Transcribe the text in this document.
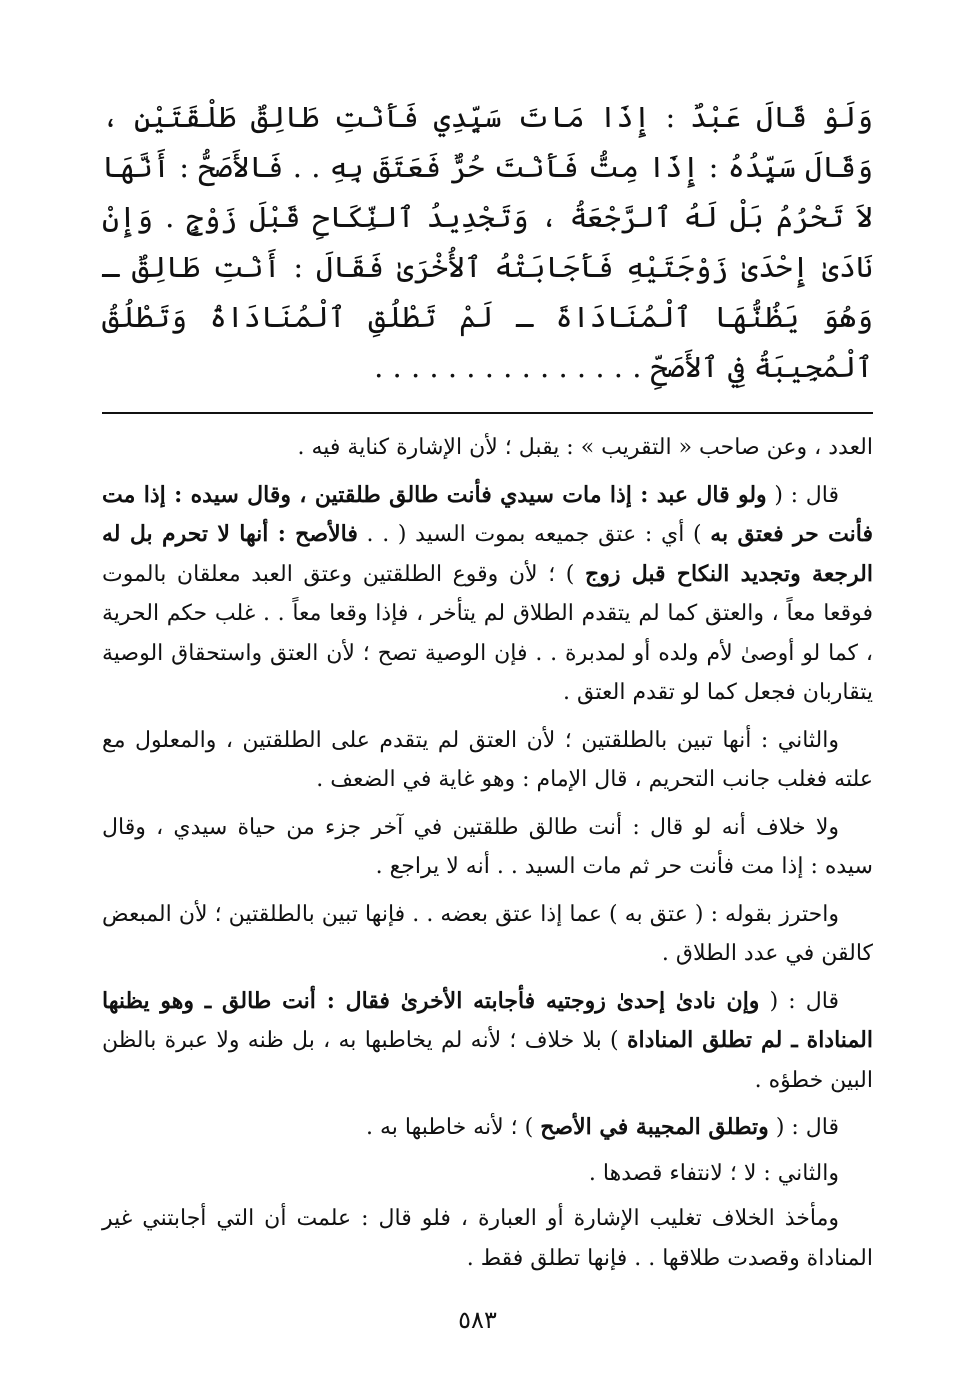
وَلَوْ قَالَ عَبْدٌ : إِذَا مَاتَ سَيِّدِي فَأَنْتِ طَالِقٌ طَلْقَتَيْنِ ، وَقَالَ سَيِّدُهُ : إِذَا مِتُّ فَأَنْتَ حُرٌّ فَعَتَقَ بِهِ . . فَالأَصَحُّ : أَنَّهَا لاَ تَحْرُمُ بَلْ لَهُ ٱلرَّجْعَةُ ، وَتَجْدِيدُ ٱلنِّكَاحِ قَبْلَ زَوْجٍ . وَإِنْ نَادَىٰ إِحْدَىٰ زَوْجَتَيْهِ فَأَجَابَتْهُ ٱلأُخْرَىٰ فَقَالَ : أَنْتِ طَالِقٌ ـ وَهُوَ يَظُنُّهَا ٱلْمُنَادَاةَ ـ لَمْ تَطْلُقِ ٱلْمُنَادَاةُ وَتَطْلُقُ ٱلْمُجِيبَةُ فِي ٱلأَصَحِّ . . . . . . . . . . . . . . .

العدد ، وعن صاحب « التقريب » : يقبل ؛ لأن الإشارة كناية فيه .

قال : ( ولو قال عبد : إذا مات سيدي فأنت طالق طلقتين ، وقال سيده : إذا مت فأنت حر فعتق به ) أي : عتق جميعه بموت السيد ( . . فالأصح : أنها لا تحرم بل له الرجعة وتجديد النكاح قبل زوج ) ؛ لأن وقوع الطلقتين وعتق العبد معلقان بالموت فوقعا معاً ، والعتق كما لم يتقدم الطلاق لم يتأخر ، فإذا وقعا معاً . . غلب حكم الحرية ، كما لو أوصىٰ لأم ولده أو لمدبرة . . فإن الوصية تصح ؛ لأن العتق واستحقاق الوصية يتقاربان فجعل كما لو تقدم العتق .

والثاني : أنها تبين بالطلقتين ؛ لأن العتق لم يتقدم على الطلقتين ، والمعلول مع علته فغلب جانب التحريم ، قال الإمام : وهو غاية في الضعف .

ولا خلاف أنه لو قال : أنت طالق طلقتين في آخر جزء من حياة سيدي ، وقال سيده : إذا مت فأنت حر ثم مات السيد . . أنه لا يراجع .

واحترز بقوله : ( عتق به ) عما إذا عتق بعضه . . فإنها تبين بالطلقتين ؛ لأن المبعض كالقن في عدد الطلاق .

قال : ( وإن نادىٰ إحدىٰ زوجتيه فأجابته الأخرىٰ فقال : أنت طالق ـ وهو يظنها المناداة ـ لم تطلق المناداة ) بلا خلاف ؛ لأنه لم يخاطبها به ، بل ظنه ولا عبرة بالظن البين خطؤه .

قال : ( وتطلق المجيبة في الأصح ) ؛ لأنه خاطبها به .

والثاني : لا ؛ لانتفاء قصدها .

ومأخذ الخلاف تغليب الإشارة أو العبارة ، فلو قال : علمت أن التي أجابتني غير المناداة وقصدت طلاقها . . فإنها تطلق فقط .

٥٨٣
